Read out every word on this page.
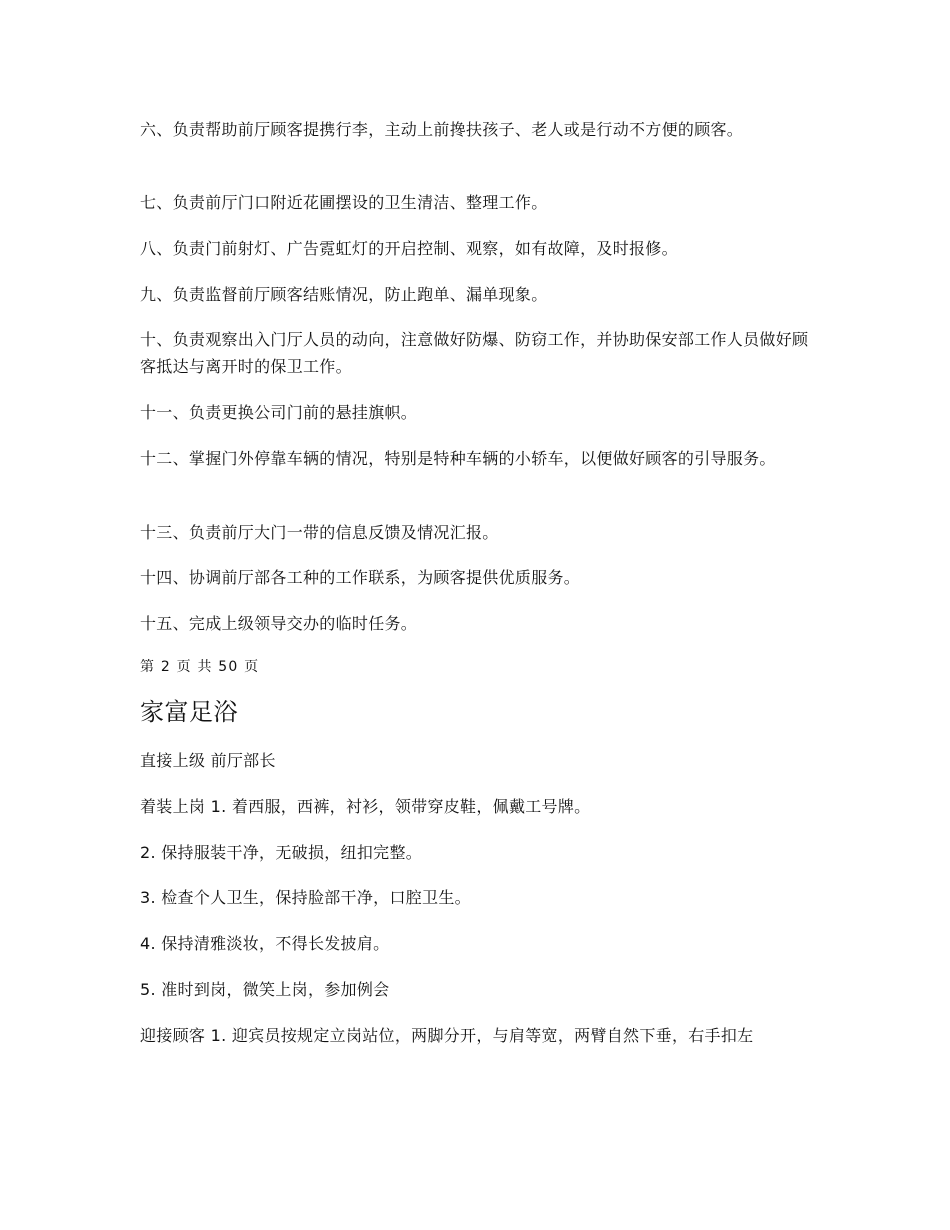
六、负责帮助前厅顾客提携行李，主动上前搀扶孩子、老人或是行动不方便的顾客。
七、负责前厅门口附近花圃摆设的卫生清洁、整理工作。
八、负责门前射灯、广告霓虹灯的开启控制、观察，如有故障，及时报修。
九、负责监督前厅顾客结账情况，防止跑单、漏单现象。
十、负责观察出入门厅人员的动向，注意做好防爆、防窃工作，并协助保安部工作人员做好顾客抵达与离开时的保卫工作。
十一、负责更换公司门前的悬挂旗帜。
十二、掌握门外停靠车辆的情况，特别是特种车辆的小轿车，以便做好顾客的引导服务。
十三、负责前厅大门一带的信息反馈及情况汇报。
十四、协调前厅部各工种的工作联系，为顾客提供优质服务。
十五、完成上级领导交办的临时任务。
第 2 页 共 50 页
家富足浴
直接上级 前厅部长
着装上岗 1. 着西服，西裤，衬衫，领带穿皮鞋，佩戴工号牌。
2. 保持服装干净，无破损，纽扣完整。
3. 检查个人卫生，保持脸部干净，口腔卫生。
4. 保持清雅淡妆，不得长发披肩。
5. 准时到岗，微笑上岗，参加例会
迎接顾客 1. 迎宾员按规定立岗站位，两脚分开，与肩等宽，两臂自然下垂，右手扣左
